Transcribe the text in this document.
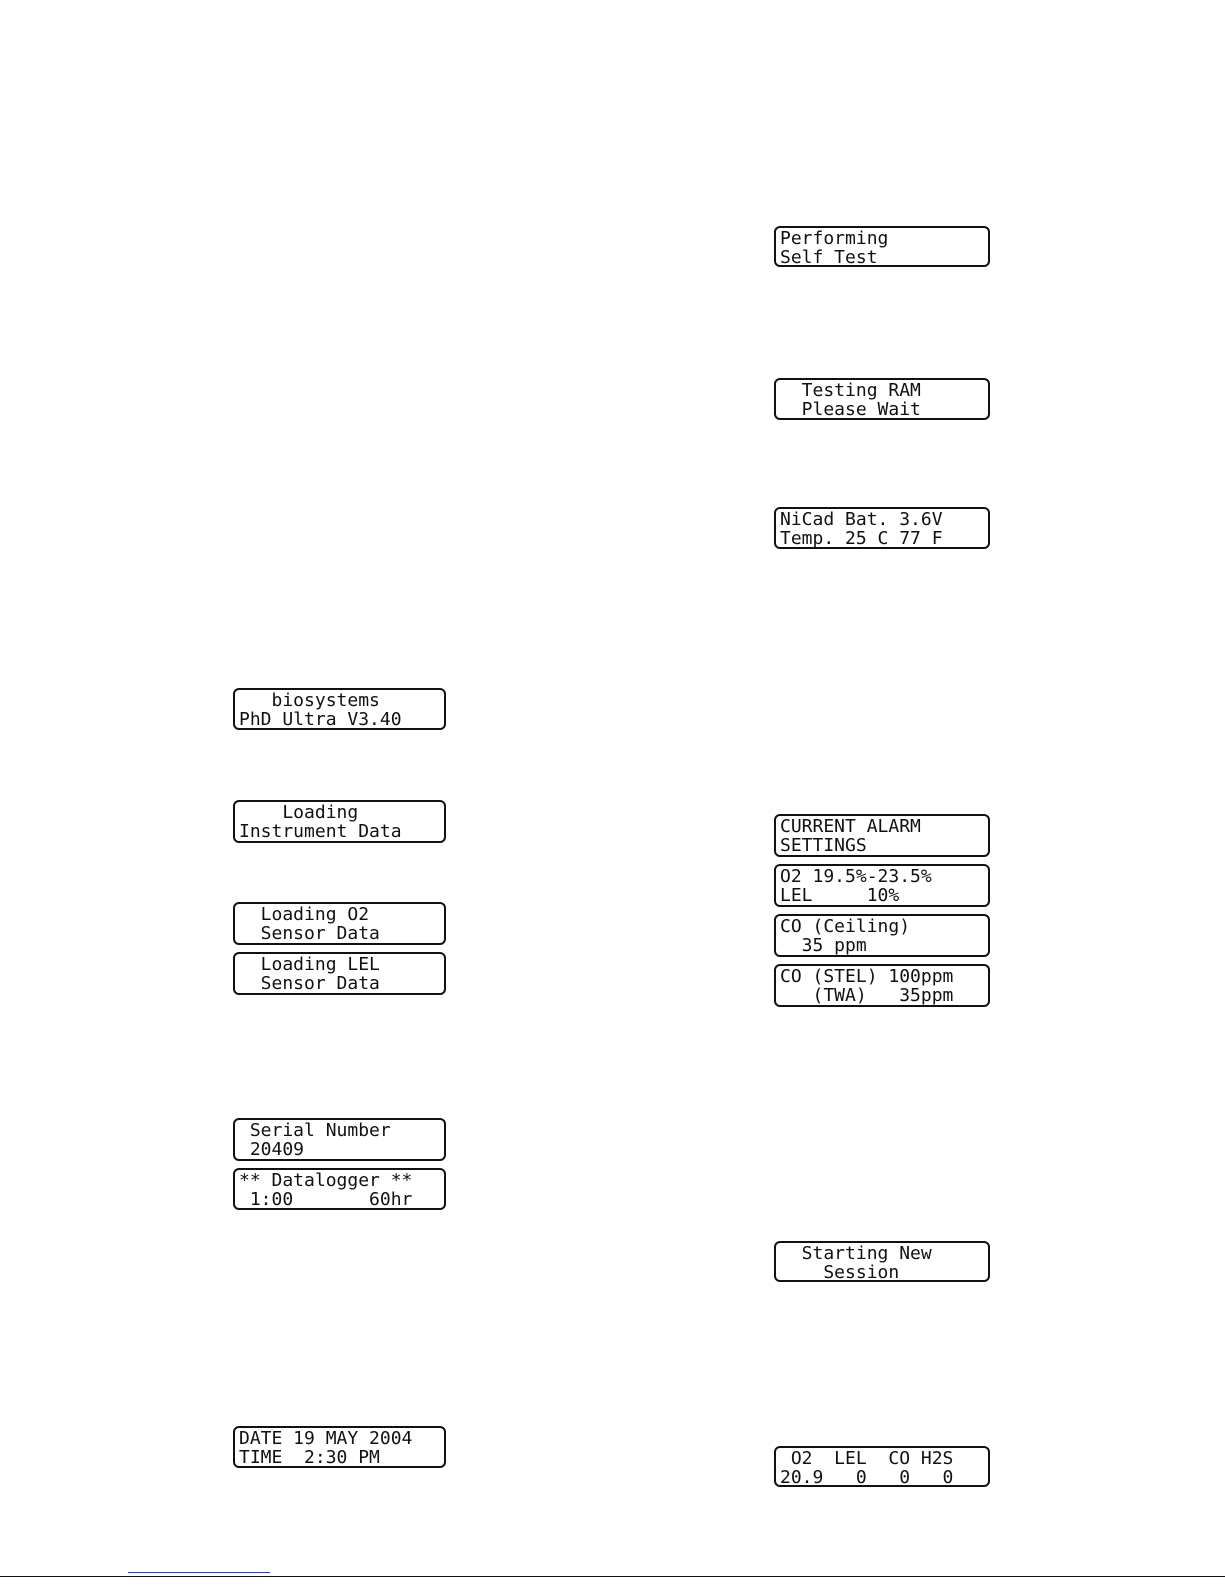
Performing
Self Test
Testing RAM
Please Wait
NiCad Bat. 3.6V
Temp. 25 C 77 F
CURRENT ALARM
SETTINGS
O2 19.5%-23.5%
LEL     10%
CO (Ceiling)
35 ppm
CO (STEL) 100ppm
(TWA)   35ppm
Starting New
Session
O2  LEL  CO H2S
20.9   0   0   0
biosystems
PhD Ultra V3.40
Loading
Instrument Data
Loading O2
Sensor Data
Loading LEL
Sensor Data
Serial Number
20409
** Datalogger **
1:00       60hr
DATE 19 MAY 2004
TIME  2:30 PM
